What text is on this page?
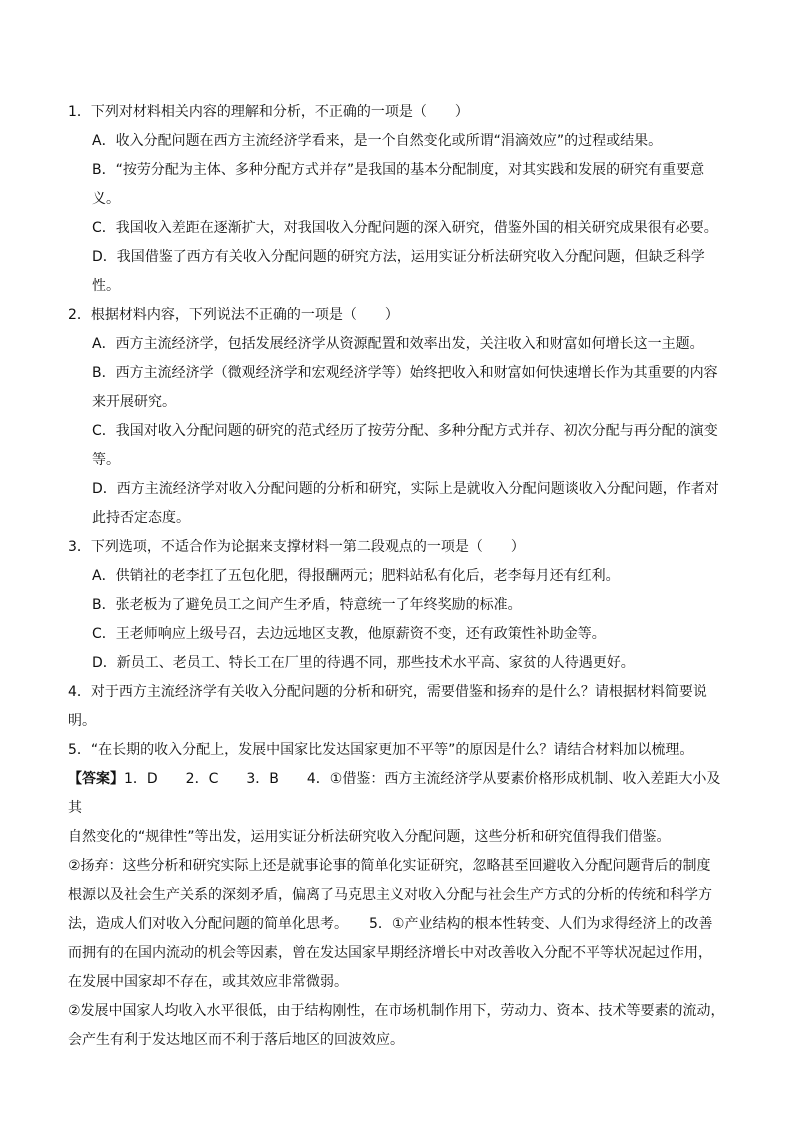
1．下列对材料相关内容的理解和分析，不正确的一项是（　　）

A．收入分配问题在西方主流经济学看来，是一个自然变化或所谓“涓滴效应”的过程或结果。

B．“按劳分配为主体、多种分配方式并存”是我国的基本分配制度，对其实践和发展的研究有重要意

义。

C．我国收入差距在逐渐扩大，对我国收入分配问题的深入研究，借鉴外国的相关研究成果很有必要。

D．我国借鉴了西方有关收入分配问题的研究方法，运用实证分析法研究收入分配问题，但缺乏科学性。

2．根据材料内容，下列说法不正确的一项是（　　）

A．西方主流经济学，包括发展经济学从资源配置和效率出发，关注收入和财富如何增长这一主题。

B．西方主流经济学（微观经济学和宏观经济学等）始终把收入和财富如何快速增长作为其重要的内容

来开展研究。

C．我国对收入分配问题的研究的范式经历了按劳分配、多种分配方式并存、初次分配与再分配的演变

等。

D．西方主流经济学对收入分配问题的分析和研究，实际上是就收入分配问题谈收入分配问题，作者对

此持否定态度。

3．下列选项，不适合作为论据来支撑材料一第二段观点的一项是（　　）

A．供销社的老李扛了五包化肥，得报酬两元；肥料站私有化后，老李每月还有红利。

B．张老板为了避免员工之间产生矛盾，特意统一了年终奖励的标准。

C．王老师响应上级号召，去边远地区支教，他原薪资不变，还有政策性补助金等。

D．新员工、老员工、特长工在厂里的待遇不同，那些技术水平高、家贫的人待遇更好。

4．对于西方主流经济学有关收入分配问题的分析和研究，需要借鉴和扬弃的是什么？请根据材料简要说明。

5．“在长期的收入分配上，发展中国家比发达国家更加不平等”的原因是什么？请结合材料加以梳理。

【答案】1．D　　2．C　　3．B　　4．①借鉴：西方主流经济学从要素价格形成机制、收入差距大小及其

自然变化的“规律性”等出发，运用实证分析法研究收入分配问题，这些分析和研究值得我们借鉴。

②扬弃：这些分析和研究实际上还是就事论事的简单化实证研究，忽略甚至回避收入分配问题背后的制度

根源以及社会生产关系的深刻矛盾，偏离了马克思主义对收入分配与社会生产方式的分析的传统和科学方

法，造成人们对收入分配问题的简单化思考。　　5．①产业结构的根本性转变、人们为求得经济上的改善

而拥有的在国内流动的机会等因素，曾在发达国家早期经济增长中对改善收入分配不平等状况起过作用，

在发展中国家却不存在，或其效应非常微弱。

②发展中国家人均收入水平很低，由于结构刚性，在市场机制作用下，劳动力、资本、技术等要素的流动，

会产生有利于发达地区而不利于落后地区的回波效应。
